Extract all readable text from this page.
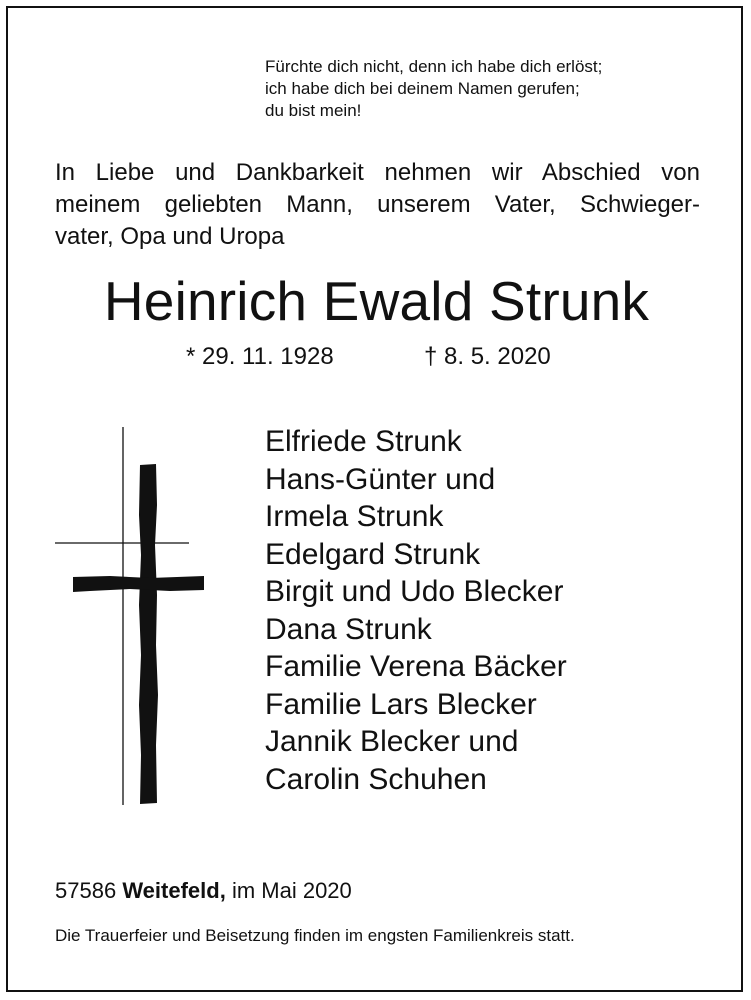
Fürchte dich nicht, denn ich habe dich erlöst;
ich habe dich bei deinem Namen gerufen;
du bist mein!
In Liebe und Dankbarkeit nehmen wir Abschied von
meinem geliebten Mann, unserem Vater, Schwieger-
vater, Opa und Uropa
Heinrich Ewald Strunk
* 29. 11. 1928	† 8. 5. 2020
Elfriede Strunk
Hans-Günter und
Irmela Strunk
Edelgard Strunk
Birgit und Udo Blecker
Dana Strunk
Familie Verena Bäcker
Familie Lars Blecker
Jannik Blecker und
Carolin Schuhen
57586 Weitefeld, im Mai 2020
Die Trauerfeier und Beisetzung finden im engsten Familienkreis statt.
